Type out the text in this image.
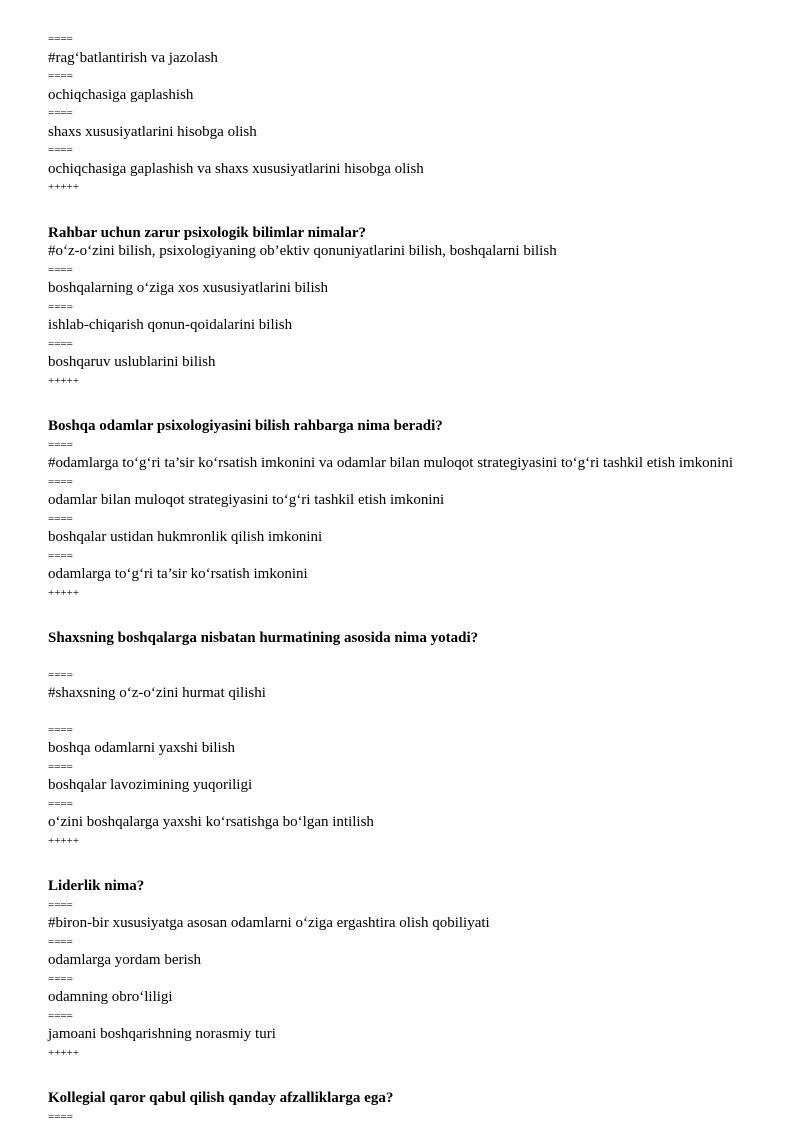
====
#rag‘batlantirish va jazolash
====
ochiqchasiga gaplashish
====
shaxs xususiyatlarini hisobga olish
====
ochiqchasiga gaplashish va shaxs xususiyatlarini hisobga olish
+++++
Rahbar uchun zarur psixologik bilimlar nimalar?
#o‘z-o‘zini bilish, psixologiyaning ob’ektiv qonuniyatlarini bilish, boshqalarni bilish
====
boshqalarning o‘ziga xos xususiyatlarini bilish
====
ishlab-chiqarish qonun-qoidalarini bilish
====
boshqaruv uslublarini bilish
+++++
Boshqa odamlar psixologiyasini bilish rahbarga nima beradi?
====
#odamlarga to‘g‘ri ta’sir ko‘rsatish imkonini va odamlar bilan muloqot strategiyasini to‘g‘ri tashkil etish imkonini
====
odamlar bilan muloqot strategiyasini to‘g‘ri tashkil etish imkonini
====
boshqalar ustidan hukmronlik qilish imkonini
====
odamlarga to‘g‘ri ta’sir ko‘rsatish imkonini
+++++
Shaxsning boshqalarga nisbatan hurmatining asosida nima yotadi?
====
#shaxsning o‘z-o‘zini hurmat qilishi
====
boshqa odamlarni yaxshi bilish
====
boshqalar lavozimining yuqoriligi
====
o‘zini boshqalarga yaxshi ko‘rsatishga bo‘lgan intilish
+++++
Liderlik nima?
====
#biron-bir xususiyatga asosan odamlarni o‘ziga ergashtira olish qobiliyati
====
odamlarga yordam berish
====
odamning obro‘liligi
====
jamoani boshqarishning norasmiy turi
+++++
Kollegial qaror qabul qilish qanday afzalliklarga ega?
====
